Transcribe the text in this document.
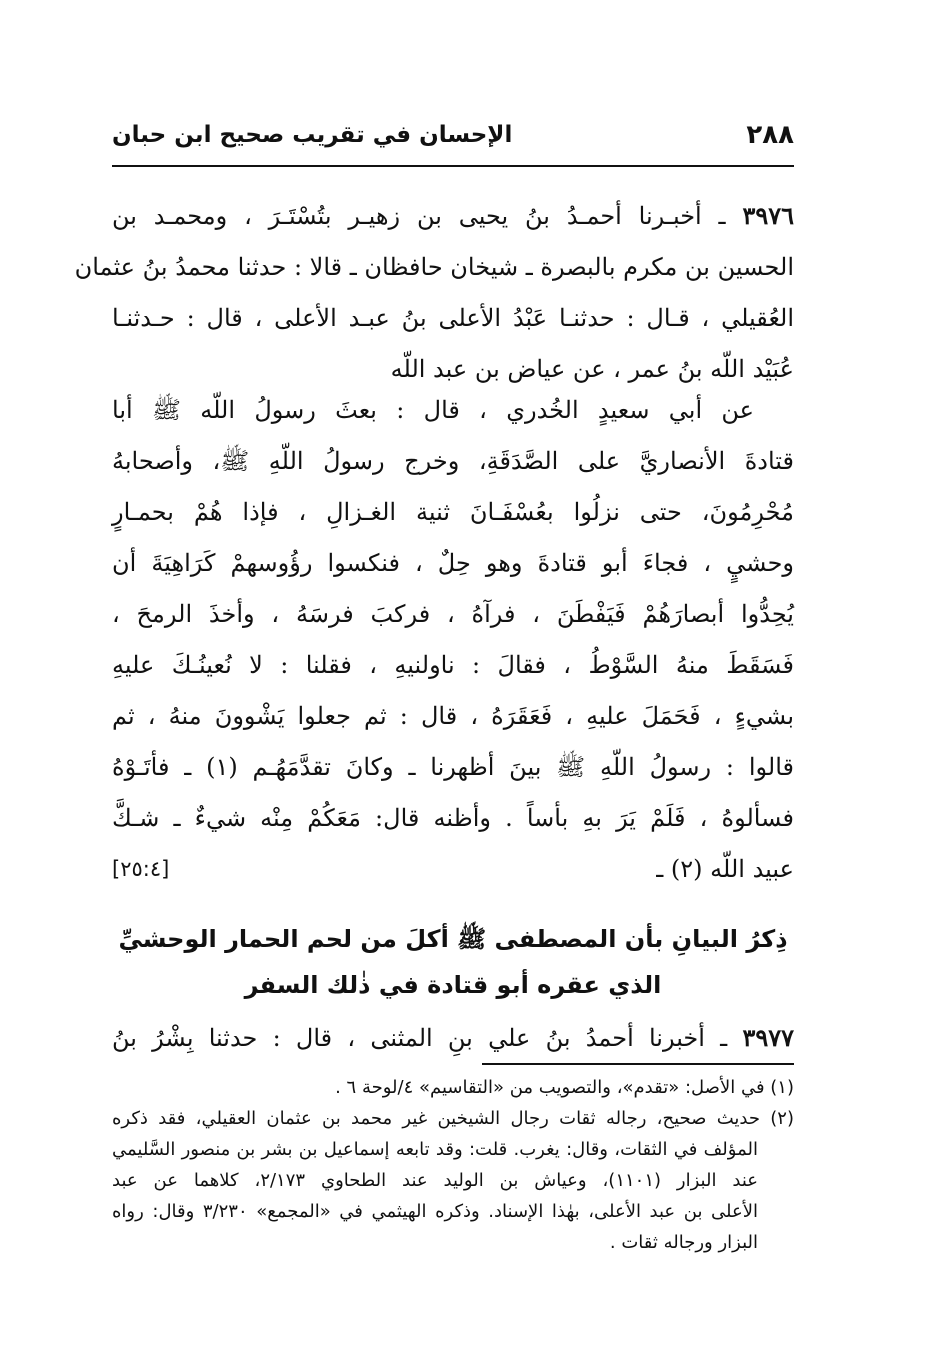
الإحسان في تقريب صحيح ابن حبان	٢٨٨
٣٩٧٦ ـ أخبـرنا أحمـدُ بنُ يحيى بن زهيـر بتُسْتَـرَ ، ومحمـد بن
الحسين بن مكرم بالبصرة ـ شيخان حافظان ـ قالا : حدثنا محمدُ بنُ عثمان
العُقيلي ، قـال : حدثنـا عَبْدُ الأعلى بنُ عبـد الأعلى ، قال : حـدثنـا
عُبَيْد اللّه بنُ عمر ، عن عياض بن عبد اللّه
عن أبي سعيدٍ الخُدري ، قال : بعثَ رسولُ اللّه ﷺ أبا
قتادةَ الأنصاريَّ على الصَّدَقَةِ، وخرج رسولُ اللّهِ ﷺ، وأصحابهُ
مُحْرِمُونَ، حتى نزلُوا بعُسْفَـانَ ثنية الغـزالِ ، فإذا هُمْ بحمـارٍ
وحشيٍ ، فجاءَ أبو قتادةَ وهو حِلٌ ، فنكسوا رؤُوسهمْ كَرَاهِيَةَ أن
يُحِدُّوا أبصارَهُمْ فَيَفْطَنَ ، فرآهُ ، فركبَ فرسَهُ ، وأخذَ الرمحَ ،
فَسَقَطَ منهُ السَّوْطُ ، فقالَ : ناولنيهِ ، فقلنا : لا نُعينُـكَ عليهِ
بشيءٍ ، فَحَمَلَ عليهِ ، فَعَقَرَهُ ، قال : ثم جعلوا يَشْوونَ منهُ ، ثم
قالوا : رسولُ اللّهِ ﷺ بينَ أظهرنا ـ وكانَ تقدَّمَهُـم (١) ـ فأتَـوْهُ
فسألوهُ ، فَلَمْ يَرَ بهِ بأساً . وأظنه قال: مَعَكُمْ مِنْه شيءٌ ـ شـكَّ
عبيد اللّه (٢) ـ
[٢٥:٤]
ذِكرُ البيانِ بأن المصطفى ﷺ أكلَ من لحم الحمار الوحشيِّ
الذي عقره أبو قتادة في ذٰلك السفر
٣٩٧٧ ـ أخبرنا أحمدُ بنُ علي بنِ المثنى ، قال : حدثنا بِشْرُ بنُ
(١) في الأصل: «تقدم»، والتصويب من «التقاسيم» ٤/لوحة ٦ .
(٢) حديث صحيح، رجاله ثقات رجال الشيخين غير محمد بن عثمان العقيلي، فقد ذكره
المؤلف في الثقات، وقال: يغرب. قلت: وقد تابعه إسماعيل بن بشر بن منصور السَّليمي
عند البزار (١١٠١)، وعياش بن الوليد عند الطحاوي ٢/١٧٣، كلاهما عن عبد
الأعلى بن عبد الأعلى، بهٰذا الإسناد. وذكره الهيثمي في «المجمع» ٣/٢٣٠ وقال: رواه
البزار ورجاله ثقات .
